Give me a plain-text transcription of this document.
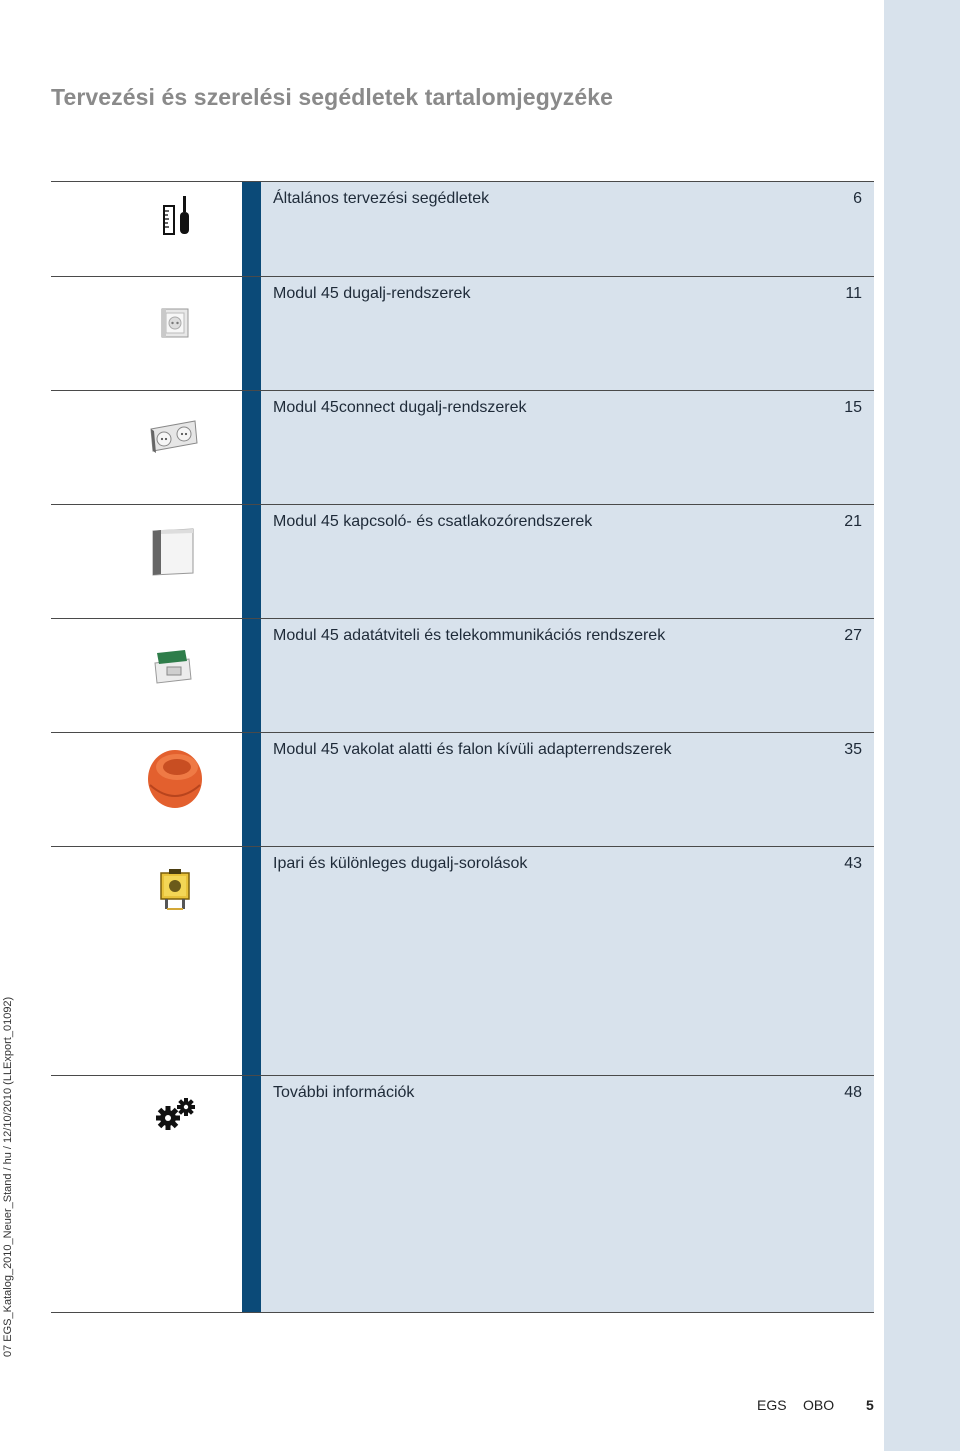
Tervezési és szerelési segédletek tartalomjegyzéke
Általános tervezési segédletek	6
Modul 45 dugalj-rendszerek	11
Modul 45connect dugalj-rendszerek	15
Modul 45 kapcsoló- és csatlakozórendszerek	21
Modul 45 adatátviteli és telekommunikációs rendszerek	27
Modul 45 vakolat alatti és falon kívüli adapterrendszerek	35
Ipari és különleges dugalj-sorolások	43
További információk	48
07 EGS_Katalog_2010_Neuer_Stand / hu / 12/10/2010 (LLExport_01092)
EGS OBO 5
